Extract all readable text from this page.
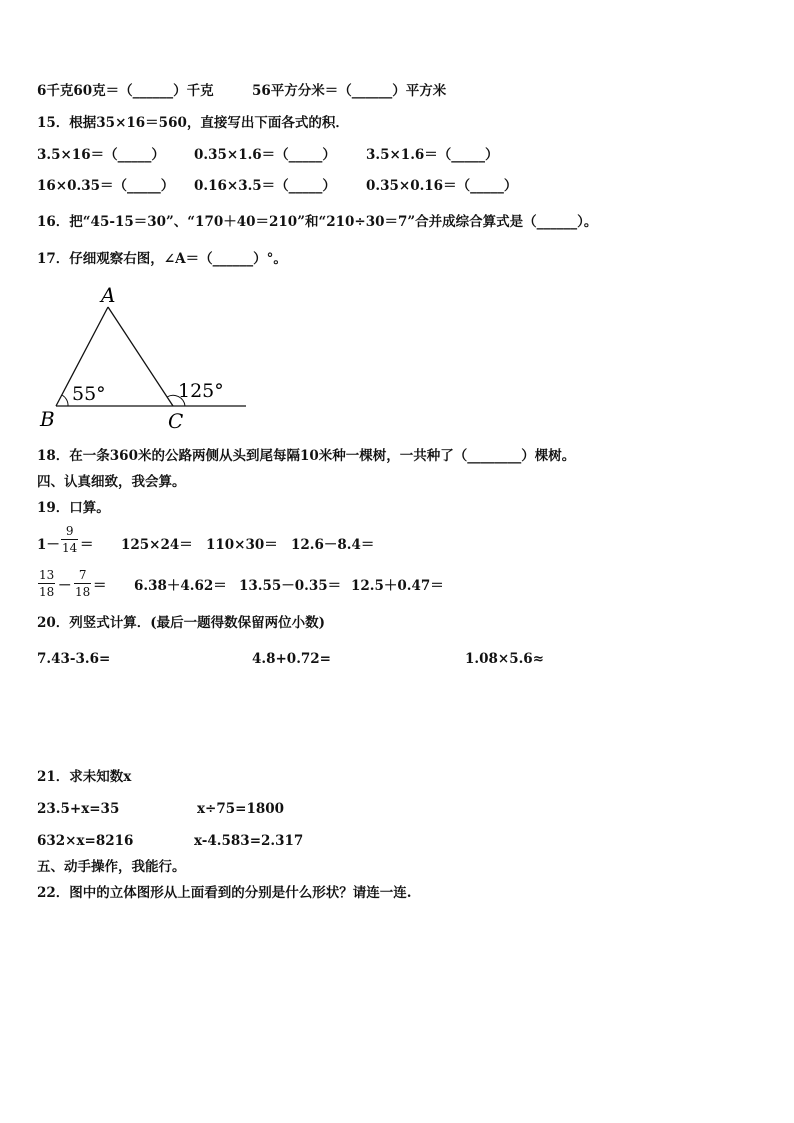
6千克60克＝（______）千克	56平方分米＝（______）平方米
15．根据35×16＝560，直接写出下面各式的积．
3.5×16＝（_____） 0.35×1.6＝（_____） 3.5×1.6＝（_____）
16×0.35＝（_____） 0.16×3.5＝（_____） 0.35×0.16＝（_____）
16．把“45-15＝30”、“170＋40＝210”和“210÷30＝7”合并成综合算式是（______）。
17．仔细观察右图，∠A＝（______）°。
A
B	C
55°	125°
18．在一条360米的公路两侧从头到尾每隔10米种一棵树，一共种了（________）棵树。
四、认真细致，我会算。
19．口算。
1－
9
14 ＝ 125×24＝ 110×30＝ 12.6－8.4＝
13
18 －
7
18 ＝ 6.38＋4.62＝ 13.55－0.35＝ 12.5＋0.47＝
20．列竖式计算．(最后一题得数保留两位小数)
7.43-3.6=	4.8+0.72=	1.08×5.6≈
21．求未知数x
23.5+x=35	x÷75=1800
632×x=8216	x-4.583=2.317
五、动手操作，我能行。
22．图中的立体图形从上面看到的分别是什么形状？请连一连.
